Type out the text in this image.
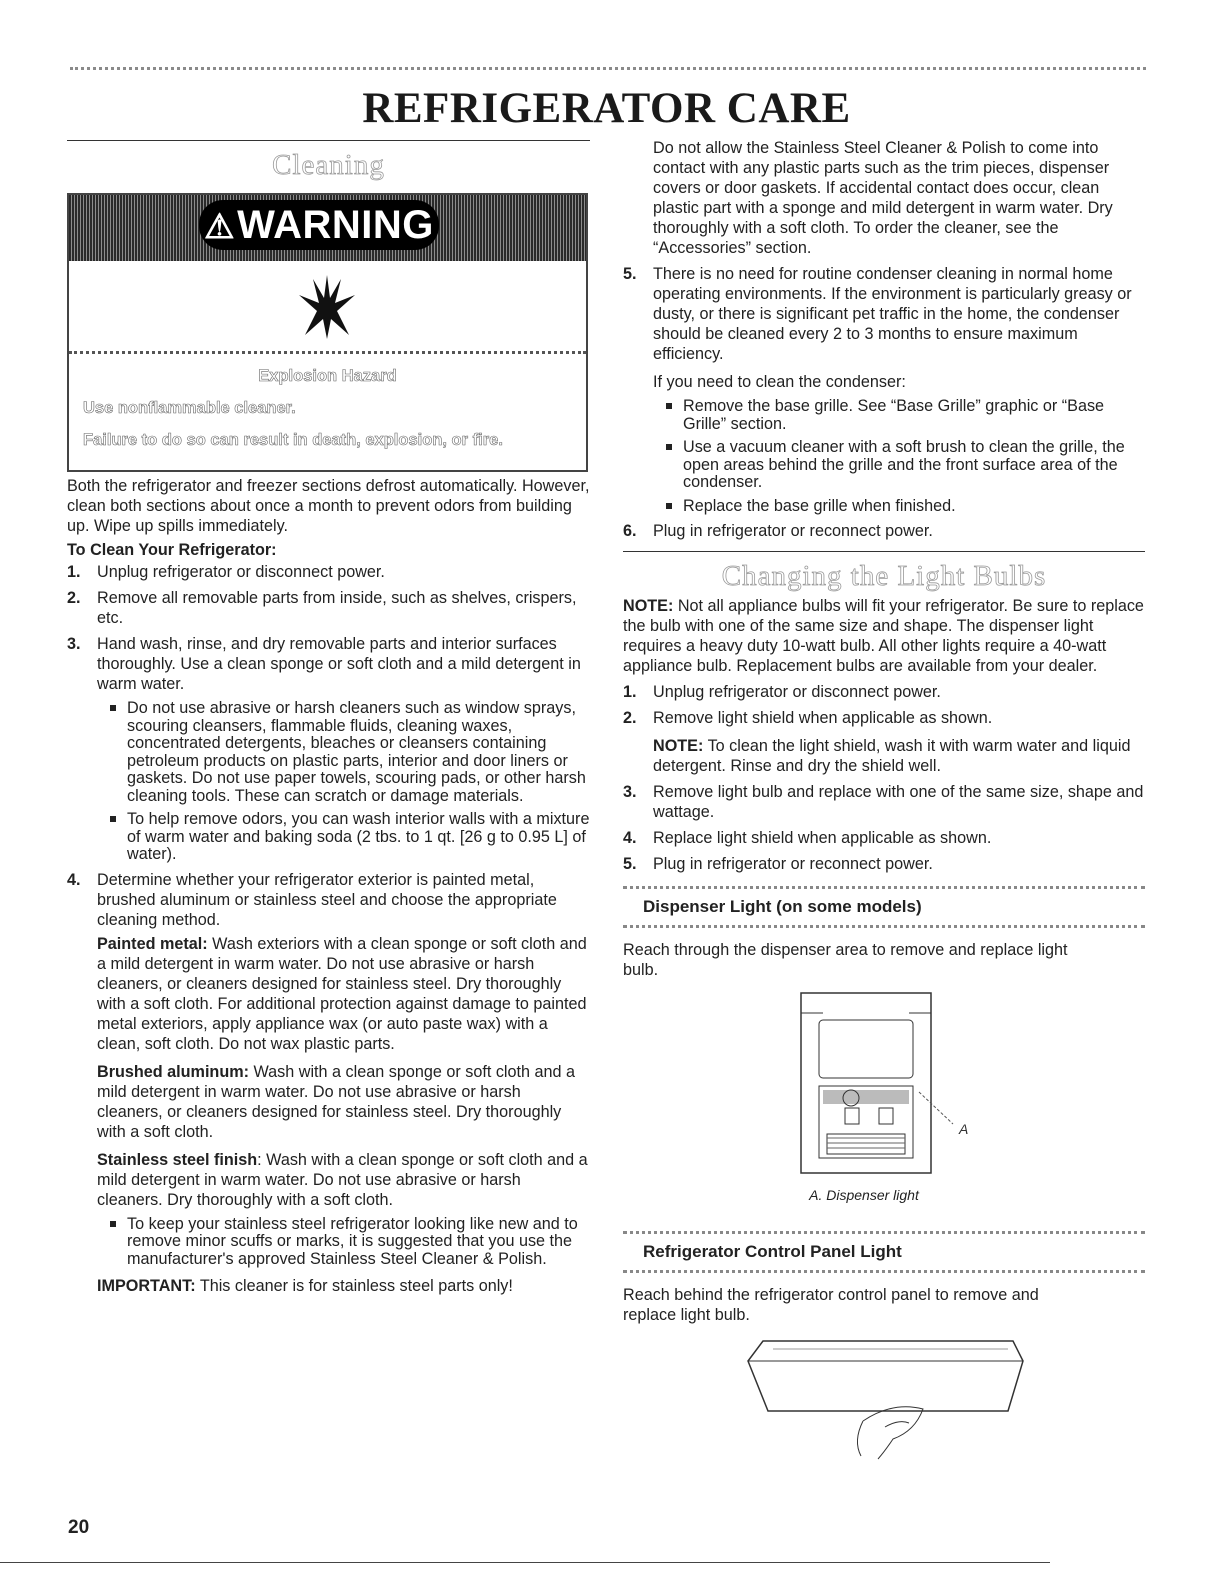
REFRIGERATOR CARE
Cleaning
⚠WARNING
Explosion Hazard
Use nonflammable cleaner.
Failure to do so can result in death, explosion, or fire.

Both the refrigerator and freezer sections defrost automatically. However, clean both sections about once a month to prevent odors from building up. Wipe up spills immediately.

To Clean Your Refrigerator:

1. Unplug refrigerator or disconnect power.
2. Remove all removable parts from inside, such as shelves, crispers, etc.
3. Hand wash, rinse, and dry removable parts and interior surfaces thoroughly. Use a clean sponge or soft cloth and a mild detergent in warm water.
Do not use abrasive or harsh cleaners such as window sprays, scouring cleansers, flammable fluids, cleaning waxes, concentrated detergents, bleaches or cleansers containing petroleum products on plastic parts, interior and door liners or gaskets. Do not use paper towels, scouring pads, or other harsh cleaning tools. These can scratch or damage materials.
To help remove odors, you can wash interior walls with a mixture of warm water and baking soda (2 tbs. to 1 qt. [26 g to 0.95 L] of water).
4. Determine whether your refrigerator exterior is painted metal, brushed aluminum or stainless steel and choose the appropriate cleaning method.

Painted metal: Wash exteriors with a clean sponge or soft cloth and a mild detergent in warm water. Do not use abrasive or harsh cleaners, or cleaners designed for stainless steel. Dry thoroughly with a soft cloth. For additional protection against damage to painted metal exteriors, apply appliance wax (or auto paste wax) with a clean, soft cloth. Do not wax plastic parts.

Brushed aluminum: Wash with a clean sponge or soft cloth and a mild detergent in warm water. Do not use abrasive or harsh cleaners, or cleaners designed for stainless steel. Dry thoroughly with a soft cloth.

Stainless steel finish: Wash with a clean sponge or soft cloth and a mild detergent in warm water. Do not use abrasive or harsh cleaners. Dry thoroughly with a soft cloth.

To keep your stainless steel refrigerator looking like new and to remove minor scuffs or marks, it is suggested that you use the manufacturer's approved Stainless Steel Cleaner & Polish.

IMPORTANT: This cleaner is for stainless steel parts only!

Do not allow the Stainless Steel Cleaner & Polish to come into contact with any plastic parts such as the trim pieces, dispenser covers or door gaskets. If accidental contact does occur, clean plastic part with a sponge and mild detergent in warm water. Dry thoroughly with a soft cloth. To order the cleaner, see the “Accessories” section.

5. There is no need for routine condenser cleaning in normal home operating environments. If the environment is particularly greasy or dusty, or there is significant pet traffic in the home, the condenser should be cleaned every 2 to 3 months to ensure maximum efficiency.

If you need to clean the condenser:

Remove the base grille. See “Base Grille” graphic or “Base Grille” section.
Use a vacuum cleaner with a soft brush to clean the grille, the open areas behind the grille and the front surface area of the condenser.
Replace the base grille when finished.
6. Plug in refrigerator or reconnect power.
Changing the Light Bulbs

NOTE: Not all appliance bulbs will fit your refrigerator. Be sure to replace the bulb with one of the same size and shape. The dispenser light requires a heavy duty 10-watt bulb. All other lights require a 40-watt appliance bulb. Replacement bulbs are available from your dealer.

1. Unplug refrigerator or disconnect power.
2. Remove light shield when applicable as shown.

NOTE: To clean the light shield, wash it with warm water and liquid detergent. Rinse and dry the shield well.

3. Remove light bulb and replace with one of the same size, shape and wattage.
4. Replace light shield when applicable as shown.
5. Plug in refrigerator or reconnect power.
Dispenser Light (on some models)

Reach through the dispenser area to remove and replace light bulb.

A
A. Dispenser light
Refrigerator Control Panel Light

Reach behind the refrigerator control panel to remove and replace light bulb.

20
